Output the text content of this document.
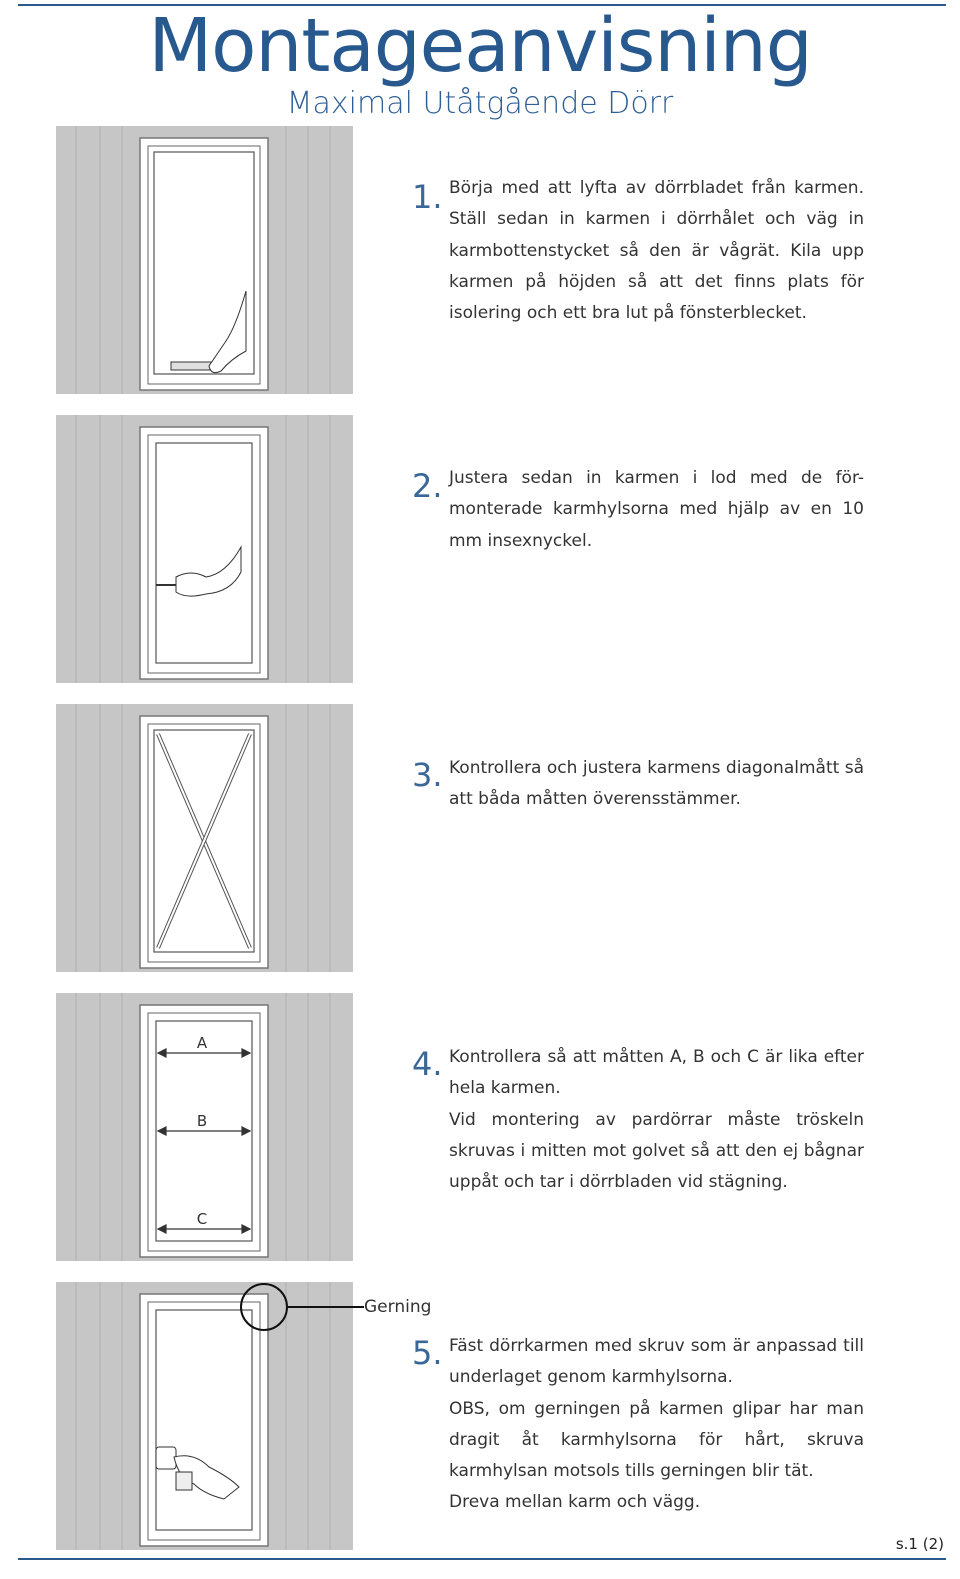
Montageanvisning
Maximal Utåtgående Dörr
1. Börja med att lyfta av dörrbladet från karmen. Ställ sedan in karmen i dörrhålet och väg in karmbottenstycket så den är vågrät. Kila upp karmen på höjden så att det finns plats för isolering och ett bra lut på fönsterblecket.

2. Justera sedan in karmen i lod med de för- monterade karmhylsorna med hjälp av en 10 mm insexnyckel.

3. Kontrollera och justera karmens diagonalmått så att båda måtten överensstämmer.

A
B
C
4. Kontrollera så att måtten A, B och C är lika efter hela karmen.

Vid montering av pardörrar måste tröskeln skruvas i mitten mot golvet så att den ej bågnar uppåt och tar i dörrbladen vid stägning.

Gerning
5. Fäst dörrkarmen med skruv som är anpassad till underlaget genom karmhylsorna.

OBS, om gerningen på karmen glipar har man dragit åt karmhylsorna för hårt, skruva karmhylsan motsols tills gerningen blir tät.

Dreva mellan karm och vägg.

s.1 (2)
